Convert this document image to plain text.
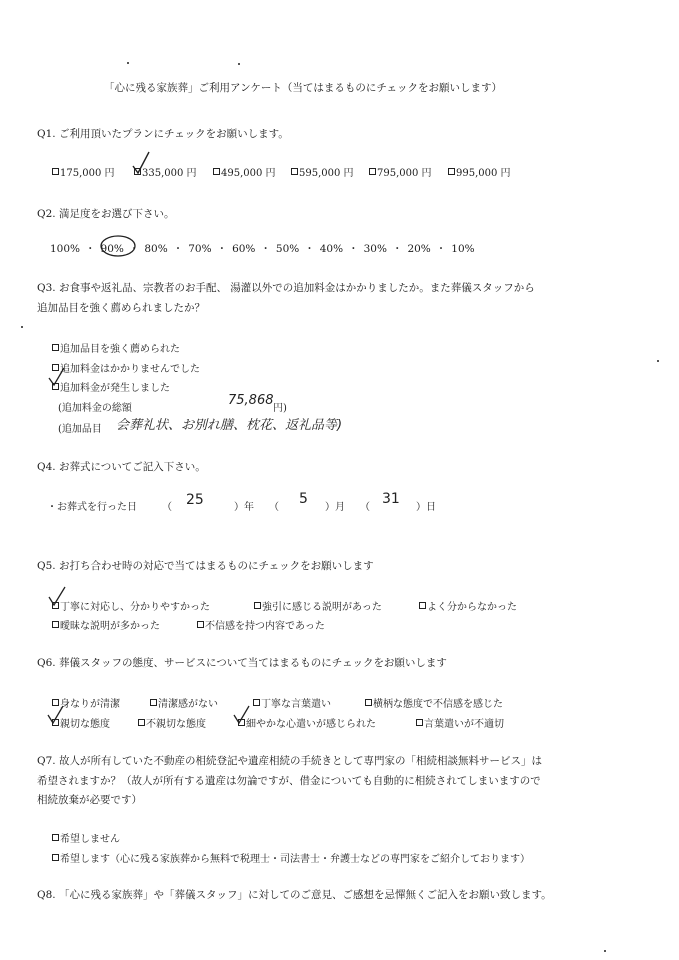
「心に残る家族葬」ご利用アンケート（当てはまるものにチェックをお願いします）
Q1. ご利用頂いたプランにチェックをお願いします。
175,000 円	335,000 円	495,000 円	595,000 円	795,000 円	995,000 円
Q2. 満足度をお選び下さい。
100% ・ 90% ・ 80% ・ 70% ・ 60% ・ 50% ・ 40% ・ 30% ・ 20% ・ 10%
Q3. お食事や返礼品、宗教者のお手配、 湯灌以外での追加料金はかかりましたか。また葬儀スタッフから
追加品目を強く薦められましたか？
追加品目を強く薦められた
追加料金はかかりませんでした
追加料金が発生しました
(追加料金の総額
75,868
円)
(追加品目 会葬礼状、お別れ膳、枕花、返礼品等)
Q4. お葬式についてご記入下さい。
・お葬式を行った日	（ 25	）年 （
5
）月 （
31
）日
Q5. お打ち合わせ時の対応で当てはまるものにチェックをお願いします
丁寧に対応し、分かりやすかった	強引に感じる説明があった	よく分からなかった
曖昧な説明が多かった	不信感を持つ内容であった
Q6. 葬儀スタッフの態度、サービスについて当てはまるものにチェックをお願いします
身なりが清潔	清潔感がない	丁寧な言葉遣い	横柄な態度で不信感を感じた
親切な態度	不親切な態度	細やかな心遣いが感じられた	言葉遣いが不適切
Q7. 故人が所有していた不動産の相続登記や遺産相続の手続きとして専門家の「相続相談無料サービス」は
希望されますか？（故人が所有する遺産は勿論ですが、借金についても自動的に相続されてしまいますので
相続放棄が必要です）
希望しません
希望します（心に残る家族葬から無料で税理士・司法書士・弁護士などの専門家をご紹介しております）
Q8. 「心に残る家族葬」や「葬儀スタッフ」に対してのご意見、ご感想を忌憚無くご記入をお願い致します。
